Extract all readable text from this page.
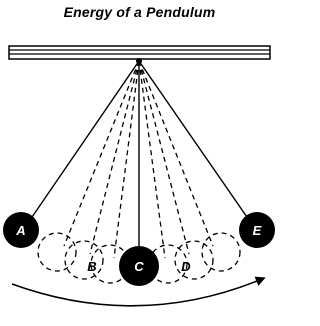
Energy of a Pendulum
A
B	C	D
E
